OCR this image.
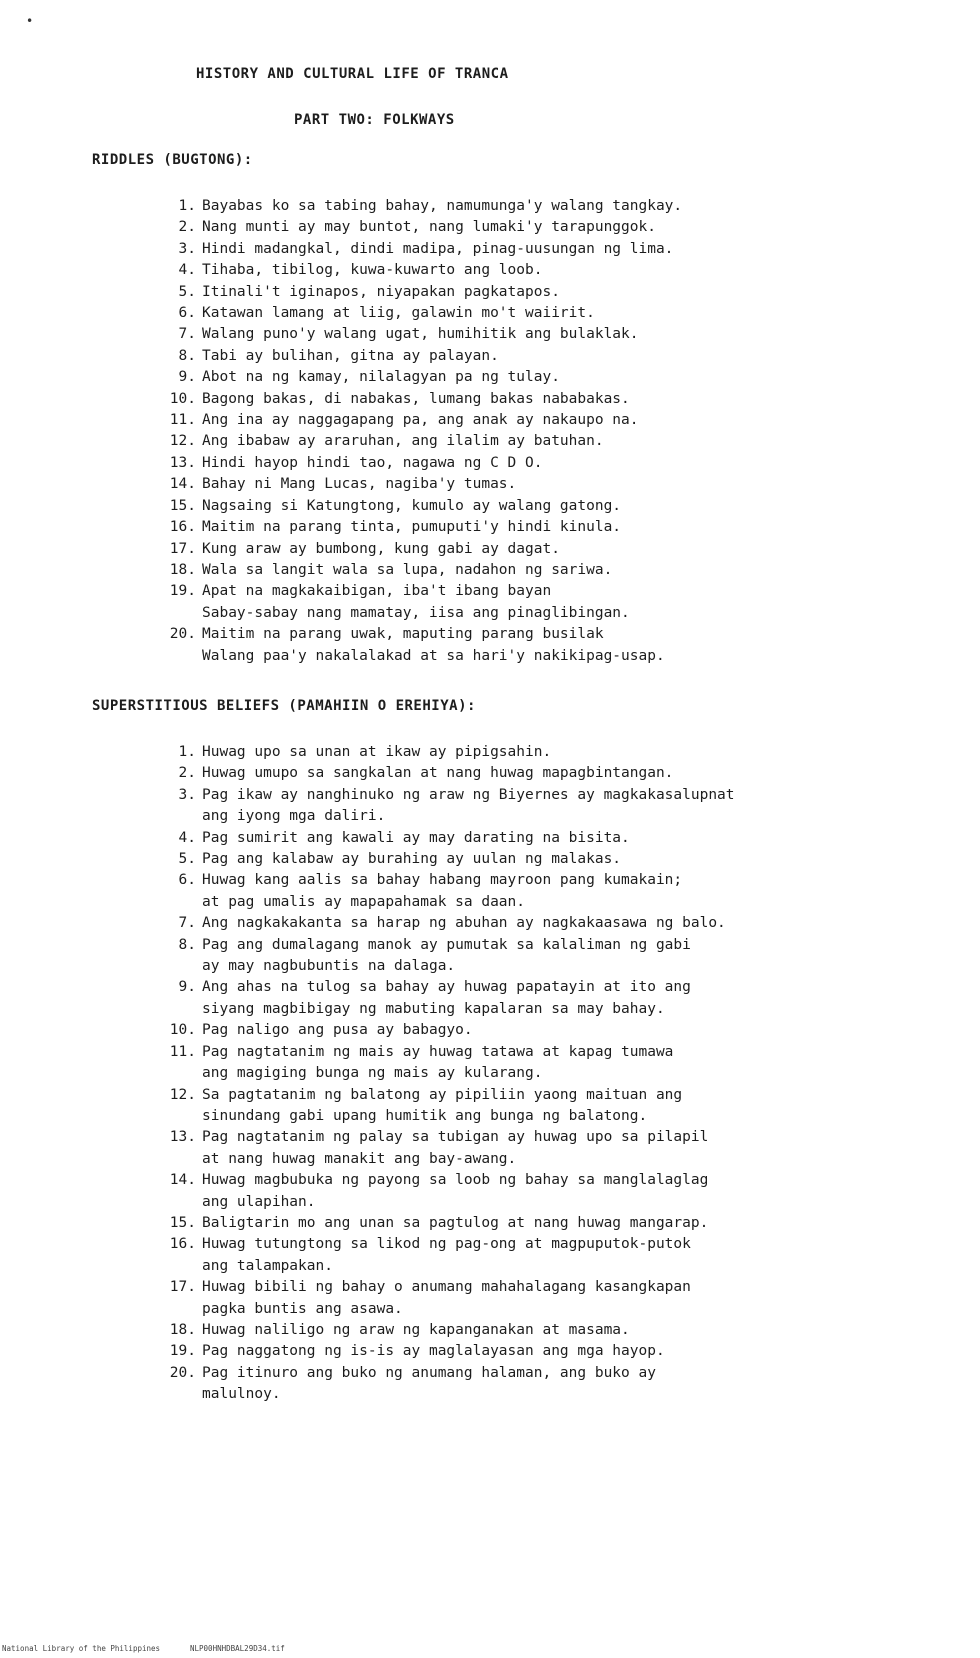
•
HISTORY AND CULTURAL LIFE OF TRANCA
PART TWO: FOLKWAYS
RIDDLES (BUGTONG):
1. Bayabas ko sa tabing bahay, namumunga'y walang tangkay.
2. Nang munti ay may buntot, nang lumaki'y tarapunggok.
3. Hindi madangkal, dindi madipa, pinag-uusungan ng lima.
4. Tihaba, tibilog, kuwa-kuwarto ang loob.
5. Itinali't iginapos, niyapakan pagkatapos.
6. Katawan lamang at liig, galawin mo't waiirit.
7. Walang puno'y walang ugat, humihitik ang bulaklak.
8. Tabi ay bulihan, gitna ay palayan.
9. Abot na ng kamay, nilalagyan pa ng tulay.
10. Bagong bakas, di nabakas, lumang bakas nababakas.
11. Ang ina ay naggagapang pa, ang anak ay nakaupo na.
12. Ang ibabaw ay araruhan, ang ilalim ay batuhan.
13. Hindi hayop hindi tao, nagawa ng C D O.
14. Bahay ni Mang Lucas, nagiba'y tumas.
15. Nagsaing si Katungtong, kumulo ay walang gatong.
16. Maitim na parang tinta, pumuputi'y hindi kinula.
17. Kung araw ay bumbong, kung gabi ay dagat.
18. Wala sa langit wala sa lupa, nadahon ng sariwa.
19. Apat na magkakaibigan, iba't ibang bayan
Sabay-sabay nang mamatay, iisa ang pinaglibingan.
20. Maitim na parang uwak, maputing parang busilak
Walang paa'y nakalalakad at sa hari'y nakikipag-usap.
SUPERSTITIOUS BELIEFS (PAMAHIIN O EREHIYA):
1. Huwag upo sa unan at ikaw ay pipigsahin.
2. Huwag umupo sa sangkalan at nang huwag mapagbintangan.
3. Pag ikaw ay nanghinuko ng araw ng Biyernes ay magkakasalupnat
ang iyong mga daliri.
4. Pag sumirit ang kawali ay may darating na bisita.
5. Pag ang kalabaw ay burahing ay uulan ng malakas.
6. Huwag kang aalis sa bahay habang mayroon pang kumakain;
at pag umalis ay mapapahamak sa daan.
7. Ang nagkakakanta sa harap ng abuhan ay nagkakaasawa ng balo.
8. Pag ang dumalagang manok ay pumutak sa kalaliman ng gabi
ay may nagbubuntis na dalaga.
9. Ang ahas na tulog sa bahay ay huwag papatayin at ito ang
siyang magbibigay ng mabuting kapalaran sa may bahay.
10. Pag naligo ang pusa ay babagyo.
11. Pag nagtatanim ng mais ay huwag tatawa at kapag tumawa
ang magiging bunga ng mais ay kularang.
12. Sa pagtatanim ng balatong ay pipiliin yaong maituan ang
sinundang gabi upang humitik ang bunga ng balatong.
13. Pag nagtatanim ng palay sa tubigan ay huwag upo sa pilapil
at nang huwag manakit ang bay-awang.
14. Huwag magbubuka ng payong sa loob ng bahay sa manglalaglag
ang ulapihan.
15. Baligtarin mo ang unan sa pagtulog at nang huwag mangarap.
16. Huwag tutungtong sa likod ng pag-ong at magpuputok-putok
ang talampakan.
17. Huwag bibili ng bahay o anumang mahahalagang kasangkapan
pagka buntis ang asawa.
18. Huwag naliligo ng araw ng kapanganakan at masama.
19. Pag naggatong ng is-is ay maglalayasan ang mga hayop.
20. Pag itinuro ang buko ng anumang halaman, ang buko ay
malulnoy.
National Library of the Philippines	NLP00HNHDBAL29D34.tif
